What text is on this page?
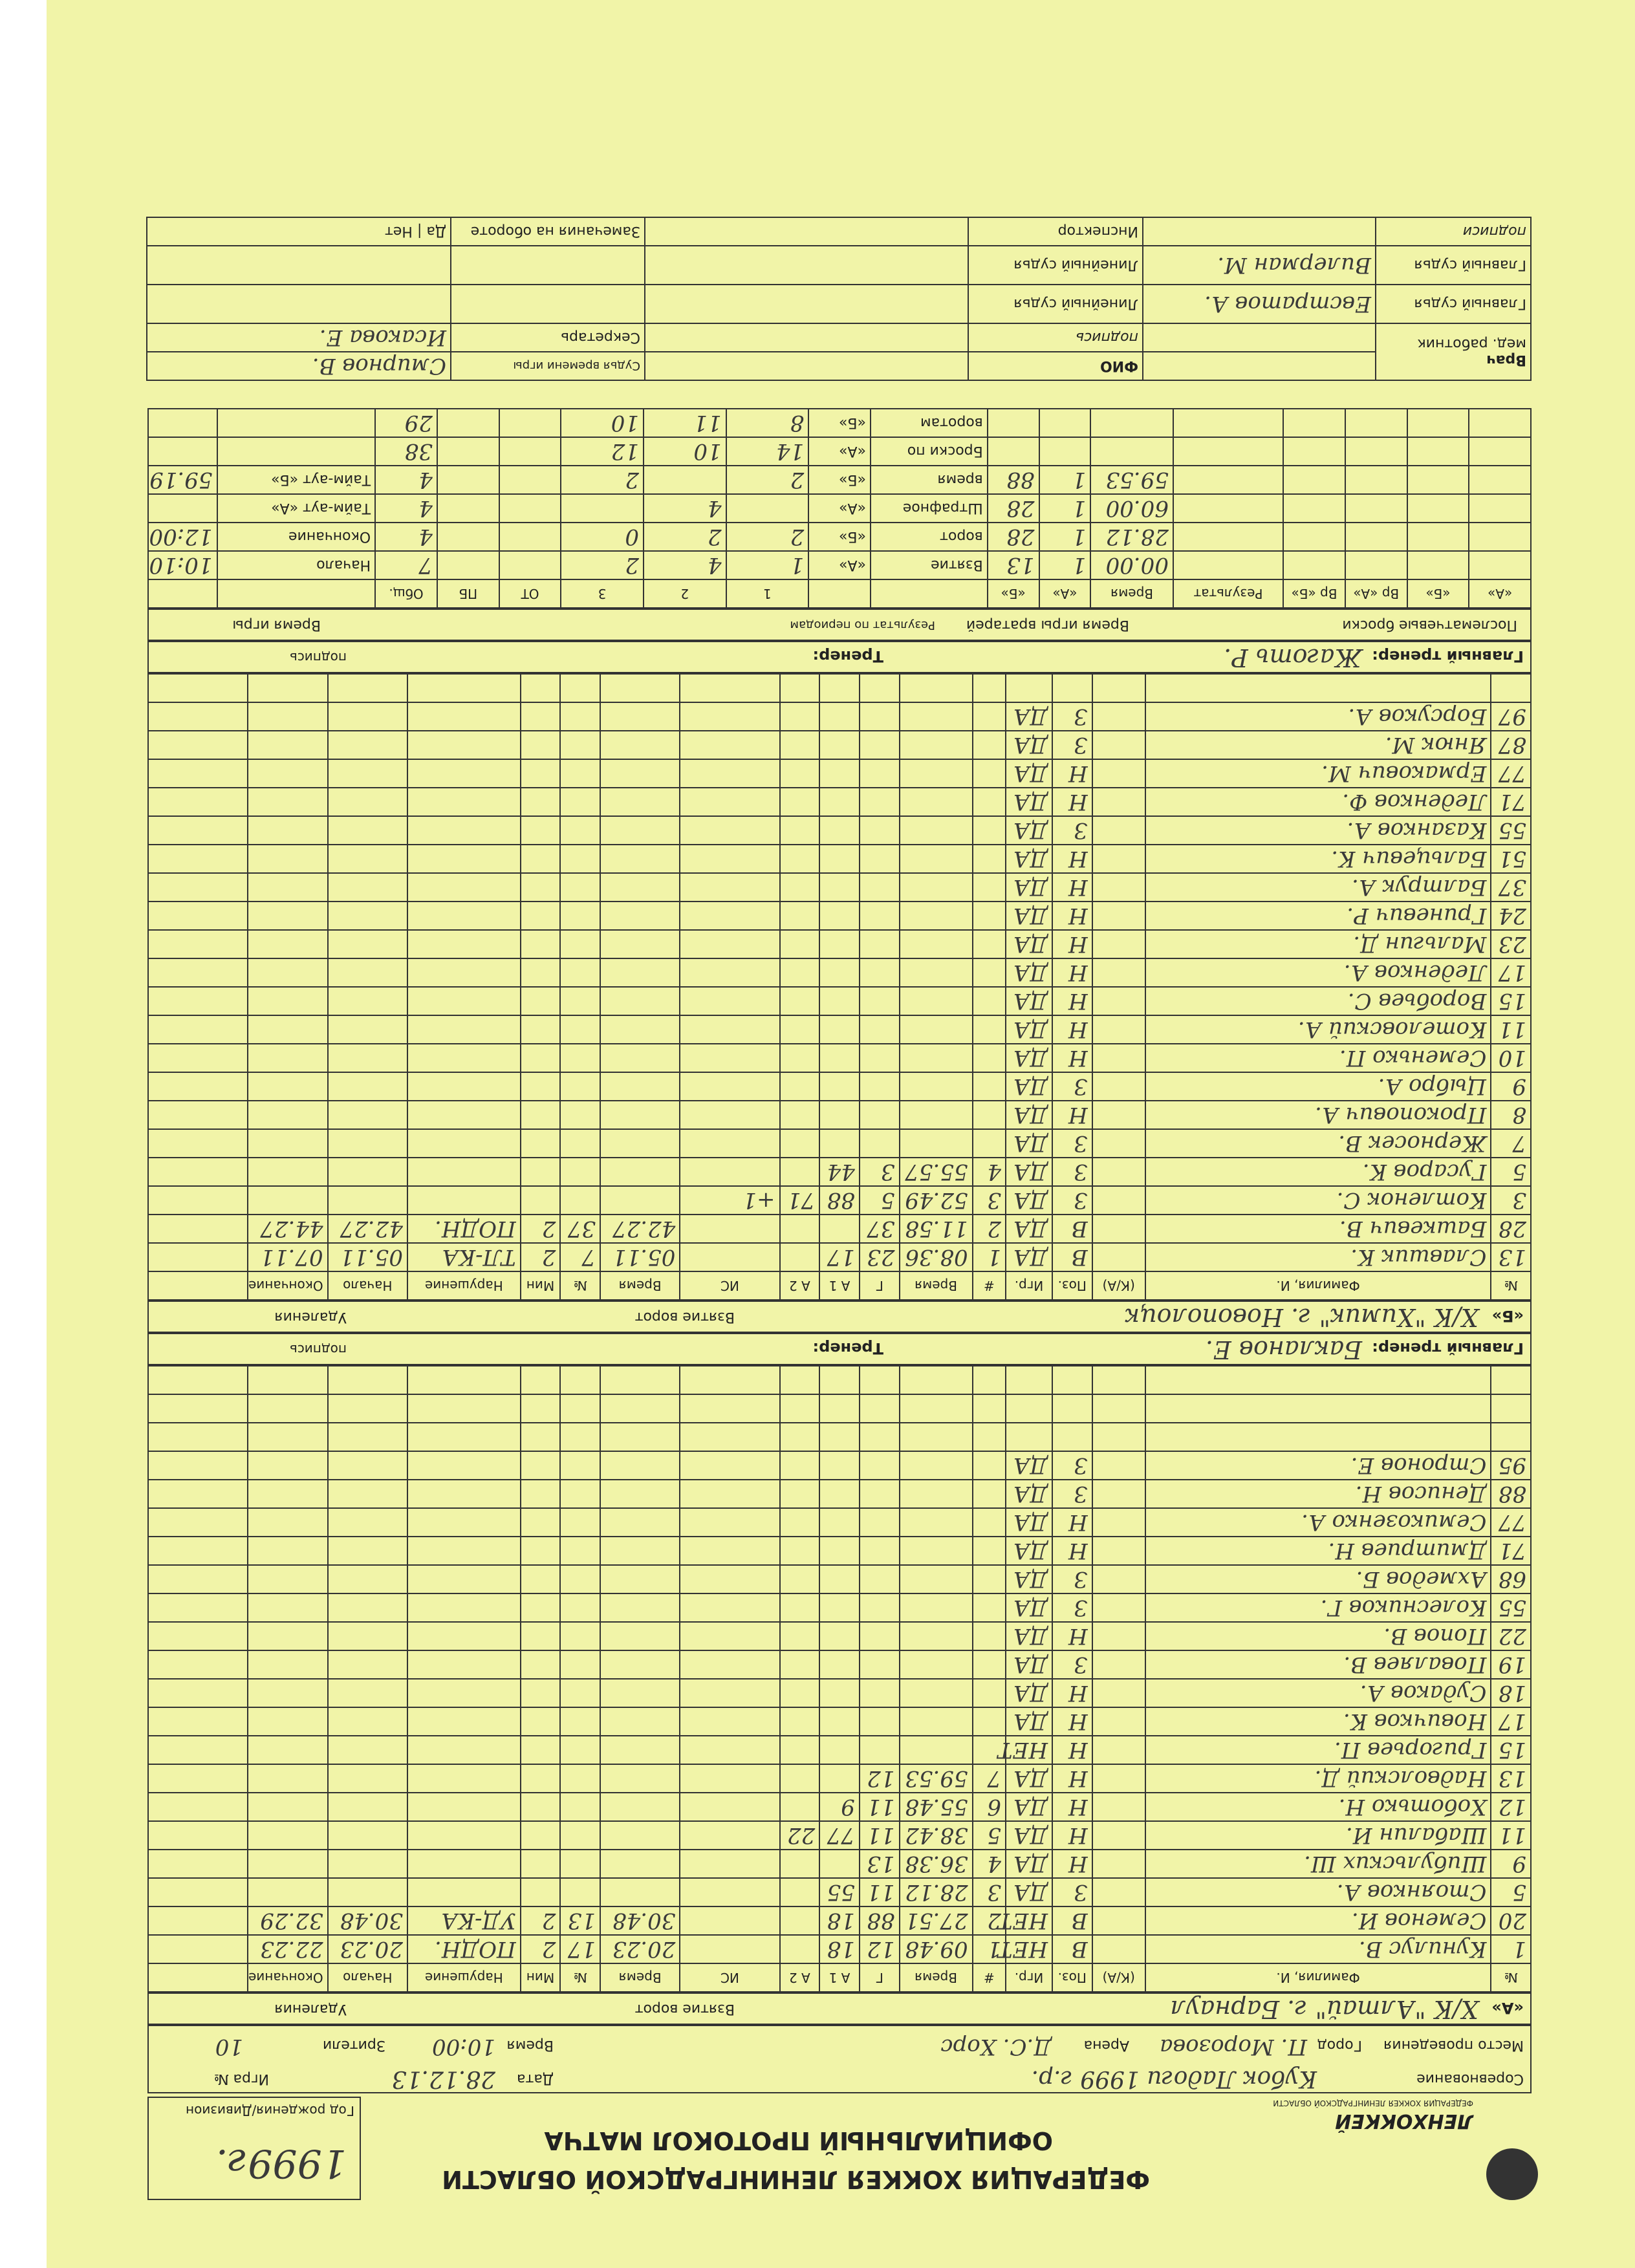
ЛЕНХОККЕЙ
ФЕДЕРАЦИЯ ХОККЕЯ ЛЕНИНГРАДСКОЙ ОБЛАСТИ
ФЕДЕРАЦИЯ ХОККЕЯ ЛЕНИНГРАДСКОЙ ОБЛАСТИ
ОФИЦИАЛЬНЫЙ ПРОТОКОЛ МАТЧА
1999г.
Год рождения/Дивизион
Соревнование
Кубок Ладоги 1999 г.р.
Дата
28.12.13
Игра №
Место проведения
Город
П. Морозова
Арена
Д.С. Хорс
Время
10:00
Зрители
10
«А»
Х/К "Алтай" г. Барнаул
Взятие ворот
Удаления
№	Фамилия, И.	(К/А)	Поз.	Игр.	#	Время	Г	А 1	А 2	ИС	Время	№	Мин	Нарушение	Начало	Окончание	
1	Кунилус В.		В	НЕТ	1	09.48	12	18			20.23	17	2	ПОДН.	20.23	22.23	
20	Семенов И.		В	НЕТ	2	27.51	88	18			30.48	13	2	УД-КА	30.48	32.29	
5	Стоянков А.		З	ДА	3	28.12	11	55									
9	Шибульских Ш.		Н	ДА	4	36.38	13										
11	Шабалин И.		Н	ДА	5	38.42	11	77	22								
12	Хоботько Н.		Н	ДА	6	55.48	11	9									
13	Надволский Д.		Н	ДА	7	59.53	12										
15	Григорьев П.		Н	НЕТ													
17	Новичков К.		Н	ДА													
18	Судаков А.		Н	ДА													
19	Поваляев В.		З	ДА													
22	Попов В.		Н	ДА													
55	Колесников Г.		З	ДА													
68	Ахмедов Б.		З	ДА													
71	Дмитриев Н.		Н	ДА													
77	Семикозенко А.		Н	ДА													
88	Денисов Н.		З	ДА													
95	Стронов Е.		З	ДА													

Главный тренер:
Бакланов Е.
Тренер:
подпись
«Б»
Х/К "Химик" г. Новополоцк
Взятие ворот
Удаления
№	Фамилия, И.	(К/А)	Поз.	Игр.	#	Время	Г	А 1	А 2	ИС	Время	№	Мин	Нарушение	Начало	Окончание	
13	Славшик К.		В	ДА	1	08.36	23	17			05.11	7	2	ТЛ-КА	05.11	07.11	
28	Башкевич В.		В	ДА	2	11.58	37				42.27	37	2	ПОДН.	42.27	44.27	
3	Котленок С.		З	ДА	3	52.49	5	88	71	+1							
5	Гусаров К.		З	ДА	4	55.57	3	44									
7	Жерносек В.		З	ДА													
8	Прокопович А.		Н	ДА													
9	Цыбро А.		З	ДА													
10	Семенько П.		Н	ДА													
11	Котеловский А.		Н	ДА													
15	Воробьев С.		Н	ДА													
17	Леденков А.		Н	ДА													
23	Мальгин Д.		Н	ДА													
24	Гриневич Р.		Н	ДА													
37	Балтрук А.		Н	ДА													
51	Бальцевич К.		Н	ДА													
55	Казанков А.		З	ДА													
71	Леденков Ф.		Н	ДА													
77	Ермакович М.		Н	ДА													
87	Янюк М.		З	ДА													
97	Борсуков А.		З	ДА													

Главный тренер:
Жаготь Р.
Тренер:
подпись
Послематчевые броски
Время игры вратарей
Результат по периодам
Время игры
«А»	«Б»	Вр «А»	Вр «Б»	Результат	Время	«А»	«Б»			1	2	3	ОТ	ПБ	Общ.		
					00.00	1	13	Взятие	«А»	1	4	2			7	Начало	10:10
					28.12	1	28	ворот	«Б»	2	2	0			4	Окончание	12:00
					60.00	1	28	Штрафное	«А»		4				4	Тайм-аут «А»	
					59.53	1	88	время	«Б»	2		2			4	Тайм-аут «Б»	59.19
								Броски по	«А»	14	10	12			38		
								воротам	«Б»	8	11	10			29		
Врач
мед. работник		ФИО		Судья времени игры	Смирнов В.
		подпись		Секретарь	Исакова Е.
Главный судья	Евстратов А.	Линейный судья			
Главный судья	Вилерман М.	Линейный судья			
подписи		Инспектор		Замечания на обороте	Да | Нет
